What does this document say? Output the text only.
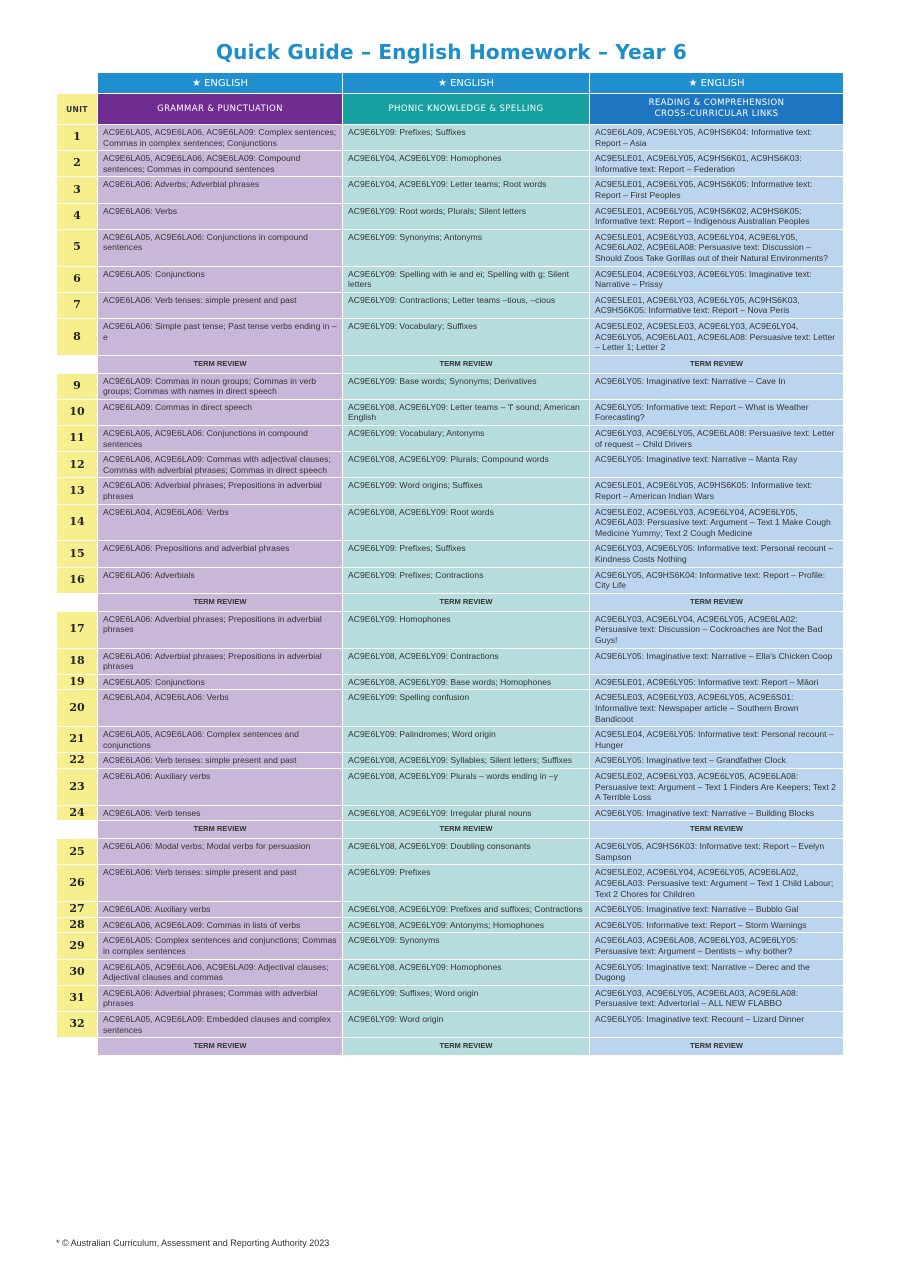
Quick Guide – English Homework – Year 6
	★ ENGLISH	★ ENGLISH	★ ENGLISH
UNIT	GRAMMAR & PUNCTUATION	PHONIC KNOWLEDGE & SPELLING	READING & COMPREHENSION
CROSS-CURRICULAR LINKS
1	AC9E6LA05, AC9E6LA06, AC9E6LA09: Complex sentences; Commas in complex sentences; Conjunctions	AC9E6LY09: Prefixes; Suffixes	AC9E6LA09, AC9E6LY05, AC9HS6K04: Informative text: Report – Asia

2	AC9E6LA05, AC9E6LA06, AC9E6LA09: Compound sentences; Commas in compound sentences	AC9E6LY04, AC9E6LY09: Homophones	AC9E5LE01, AC9E6LY05, AC9HS6K01, AC9HS6K03: Informative text: Report – Federation

3	AC9E6LA06: Adverbs; Adverbial phrases	AC9E6LY04, AC9E6LY09: Letter teams; Root words	AC9E5LE01, AC9E6LY05, AC9HS6K05: Informative text: Report – First Peoples

4	AC9E6LA06: Verbs	AC9E6LY09: Root words; Plurals; Silent letters	AC9E5LE01, AC9E6LY05, AC9HS6K02, AC9HS6K05: Informative text: Report – Indigenous Australian Peoples

5	AC9E6LA05, AC9E6LA06: Conjunctions in compound sentences	AC9E6LY09: Synonyms; Antonyms	AC9E5LE01, AC9E6LY03, AC9E6LY04, AC9E6LY05, AC9E6LA02, AC9E6LA08: Persuasive text: Discussion – Should Zoos Take Gorillas out of their Natural Environments?

6	AC9E6LA05: Conjunctions	AC9E6LY09: Spelling with ie and ei; Spelling with g; Silent letters	AC9E5LE04, AC9E6LY03, AC9E6LY05: Imaginative text: Narrative – Prissy

7	AC9E6LA06: Verb tenses: simple present and past	AC9E6LY09: Contractions; Letter teams –tious, –cious	AC9E5LE01, AC9E6LY03, AC9E6LY05, AC9HS6K03, AC9HS6K05: Informative text: Report – Nova Peris

8	AC9E6LA06: Simple past tense; Past tense verbs ending in –e	AC9E6LY09: Vocabulary; Suffixes	AC9E5LE02, AC9E5LE03, AC9E6LY03, AC9E6LY04, AC9E6LY05, AC9E6LA01, AC9E6LA08: Persuasive text: Letter – Letter 1; Letter 2

	TERM REVIEW	TERM REVIEW	TERM REVIEW
9	AC9E6LA09: Commas in noun groups; Commas in verb groups; Commas with names in direct speech	AC9E6LY09: Base words; Synonyms; Derivatives	AC9E6LY05: Imaginative text: Narrative – Cave In

10	AC9E6LA09: Commas in direct speech	AC9E6LY08, AC9E6LY09: Letter teams – 'f' sound; American English	AC9E6LY05: Informative text: Report – What is Weather Forecasting?

11	AC9E6LA05, AC9E6LA06: Conjunctions in compound sentences	AC9E6LY09: Vocabulary; Antonyms	AC9E6LY03, AC9E6LY05, AC9E6LA08: Persuasive text: Letter of request – Child Drivers

12	AC9E6LA06, AC9E6LA09: Commas with adjectival clauses; Commas with adverbial phrases; Commas in direct speech	AC9E6LY08, AC9E6LY09: Plurals; Compound words	AC9E6LY05: Imaginative text: Narrative – Manta Ray

13	AC9E6LA06: Adverbial phrases; Prepositions in adverbial phrases	AC9E6LY09: Word origins; Suffixes	AC9E5LE01, AC9E6LY05, AC9HS6K05: Informative text: Report – American Indian Wars

14	AC9E6LA04, AC9E6LA06: Verbs	AC9E6LY08, AC9E6LY09: Root words	AC9E5LE02, AC9E6LY03, AC9E6LY04, AC9E6LY05, AC9E6LA03: Persuasive text: Argument – Text 1 Make Cough Medicine Yummy; Text 2 Cough Medicine

15	AC9E6LA06: Prepositions and adverbial phrases	AC9E6LY09: Prefixes; Suffixes	AC9E6LY03, AC9E6LY05: Informative text: Personal recount – Kindness Costs Nothing

16	AC9E6LA06: Adverbials	AC9E6LY09: Prefixes; Contractions	AC9E6LY05, AC9HS6K04: Informative text: Report – Profile: City Life

	TERM REVIEW	TERM REVIEW	TERM REVIEW
17	AC9E6LA06: Adverbial phrases; Prepositions in adverbial phrases	AC9E6LY09: Homophones	AC9E6LY03, AC9E6LY04, AC9E6LY05, AC9E6LA02: Persuasive text: Discussion – Cockroaches are Not the Bad Guys!

18	AC9E6LA06: Adverbial phrases; Prepositions in adverbial phrases	AC9E6LY08, AC9E6LY09: Contractions	AC9E6LY05: Imaginative text: Narrative – Ella's Chicken Coop

19	AC9E6LA05: Conjunctions	AC9E6LY08, AC9E6LY09: Base words; Homophones	AC9E5LE01, AC9E6LY05: Informative text: Report – Māori

20	AC9E6LA04, AC9E6LA06: Verbs	AC9E6LY09: Spelling confusion	AC9E5LE03, AC9E6LY03, AC9E6LY05, AC9E6S01: Informative text: Newspaper article – Southern Brown Bandicoot

21	AC9E6LA05, AC9E6LA06: Complex sentences and conjunctions	AC9E6LY09: Palindromes; Word origin	AC9E5LE04, AC9E6LY05: Informative text: Personal recount – Hunger

22	AC9E6LA06: Verb tenses: simple present and past	AC9E6LY08, AC9E6LY09: Syllables; Silent letters; Suffixes	AC9E6LY05: Imaginative text – Grandfather Clock

23	AC9E6LA06: Auxiliary verbs	AC9E6LY08, AC9E6LY09: Plurals – words ending in –y	AC9E5LE02, AC9E6LY03, AC9E6LY05, AC9E6LA08: Persuasive text: Argument – Text 1 Finders Are Keepers; Text 2 A Terrible Loss

24	AC9E6LA06: Verb tenses	AC9E6LY08, AC9E6LY09: Irregular plural nouns	AC9E6LY05: Imaginative text: Narrative – Building Blocks

	TERM REVIEW	TERM REVIEW	TERM REVIEW
25	AC9E6LA06: Modal verbs; Modal verbs for persuasion	AC9E6LY08, AC9E6LY09: Doubling consonants	AC9E6LY05, AC9HS6K03: Informative text: Report – Evelyn Sampson

26	AC9E6LA06: Verb tenses: simple present and past	AC9E6LY09: Prefixes	AC9E5LE02, AC9E6LY04, AC9E6LY05, AC9E6LA02, AC9E6LA03: Persuasive text: Argument – Text 1 Child Labour; Text 2 Chores for Children

27	AC9E6LA06: Auxiliary verbs	AC9E6LY08, AC9E6LY09: Prefixes and suffixes; Contractions	AC9E6LY05: Imaginative text: Narrative – Bubblo Gal

28	AC9E6LA06, AC9E6LA09: Commas in lists of verbs	AC9E6LY08, AC9E6LY09: Antonyms; Homophones	AC9E6LY05: Informative text: Report – Storm Warnings

29	AC9E6LA05: Complex sentences and conjunctions; Commas in complex sentences	AC9E6LY09: Synonyms	AC9E6LA03, AC9E6LA08, AC9E6LY03, AC9E6LY05: Persuasive text: Argument – Dentists – why bother?

30	AC9E6LA05, AC9E6LA06, AC9E6LA09: Adjectival clauses; Adjectival clauses and commas	AC9E6LY08, AC9E6LY09: Homophones	AC9E6LY05: Imaginative text: Narrative – Derec and the Dugong

31	AC9E6LA06: Adverbial phrases; Commas with adverbial phrases	AC9E6LY09: Suffixes; Word origin	AC9E6LY03, AC9E6LY05, AC9E6LA03, AC9E6LA08: Persuasive text: Advertorial – ALL NEW FLABBO

32	AC9E6LA05, AC9E6LA09: Embedded clauses and complex sentences	AC9E6LY09: Word origin	AC9E6LY05: Imaginative text: Recount – Lizard Dinner

	TERM REVIEW	TERM REVIEW	TERM REVIEW
* © Australian Curriculum, Assessment and Reporting Authority 2023
